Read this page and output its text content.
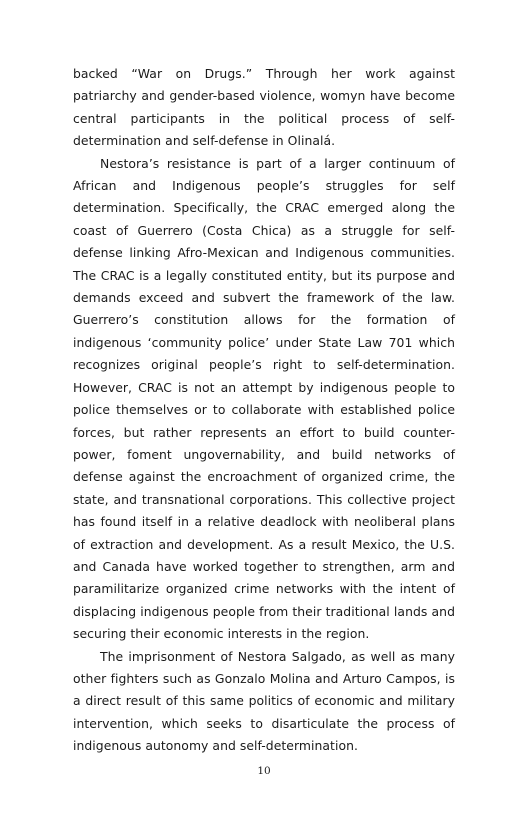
backed “War on Drugs.” Through her work against patriarchy and gender-based violence, womyn have become central participants in the political process of self-determination and self-defense in Olinalá.

Nestora’s resistance is part of a larger continuum of African and Indigenous people’s struggles for self determination. Specifically, the CRAC emerged along the coast of Guerrero (Costa Chica) as a struggle for self-defense linking Afro-Mexican and Indigenous communities. The CRAC is a legally constituted entity, but its purpose and demands exceed and subvert the framework of the law. Guerrero’s constitution allows for the formation of indigenous ‘community police’ under State Law 701 which recognizes original people’s right to self-determination. However, CRAC is not an attempt by indigenous people to police themselves or to collaborate with established police forces, but rather represents an effort to build counter-power, foment ungovernability, and build networks of defense against the encroachment of organized crime, the state, and transnational corporations. This collective project has found itself in a relative deadlock with neoliberal plans of extraction and development. As a result Mexico, the U.S. and Canada have worked together to strengthen, arm and paramilitarize organized crime networks with the intent of displacing indigenous people from their traditional lands and securing their economic interests in the region.

The imprisonment of Nestora Salgado, as well as many other fighters such as Gonzalo Molina and Arturo Campos, is a direct result of this same politics of economic and military intervention, which seeks to disarticulate the process of indigenous autonomy and self-determination.

10
